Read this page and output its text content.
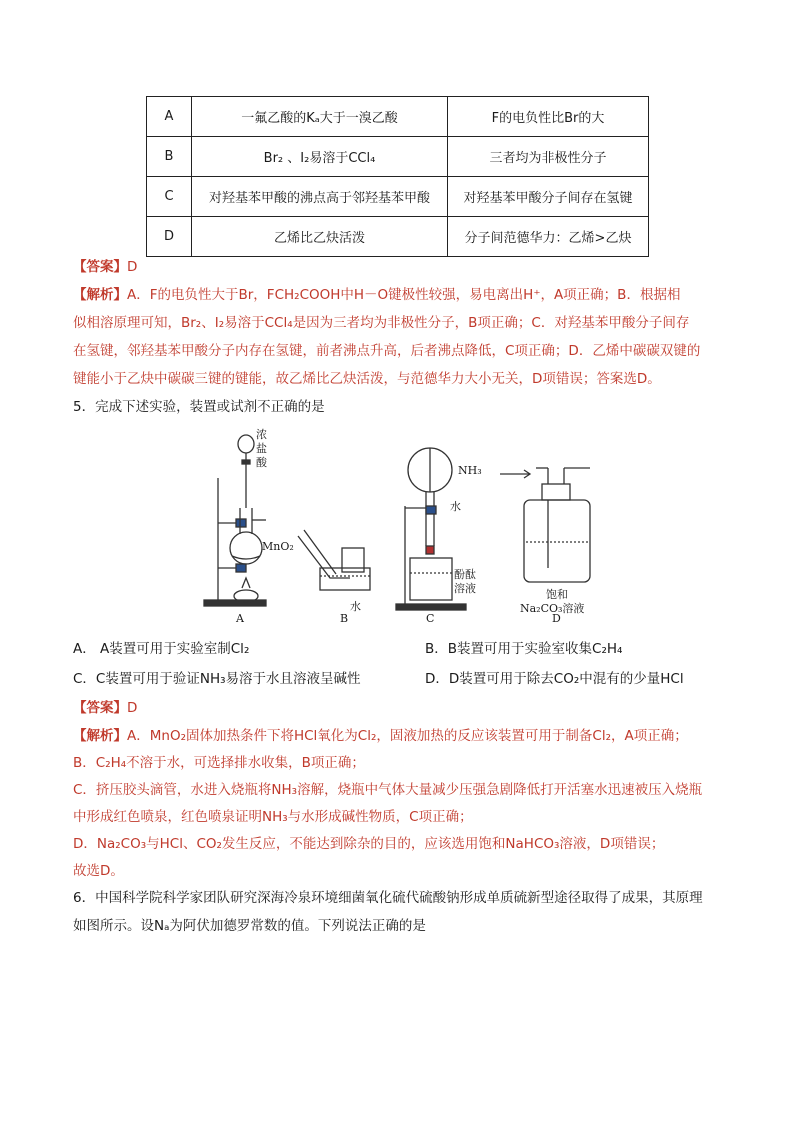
A	一氟乙酸的Kₐ大于一溴乙酸	F的电负性比Br的大
B	Br₂ 、I₂易溶于CCl₄	三者均为非极性分子
C	对羟基苯甲酸的沸点高于邻羟基苯甲酸	对羟基苯甲酸分子间存在氢键
D	乙烯比乙炔活泼	分子间范德华力：乙烯>乙炔
【答案】D
【解析】A．F的电负性大于Br，FCH₂COOH中H－O键极性较强，易电离出H⁺，A项正确；B．根据相
似相溶原理可知，Br₂、I₂易溶于CCl₄是因为三者均为非极性分子，B项正确；C．对羟基苯甲酸分子间存
在氢键，邻羟基苯甲酸分子内存在氢键，前者沸点升高，后者沸点降低，C项正确；D．乙烯中碳碳双键的
键能小于乙炔中碳碳三键的键能，故乙烯比乙炔活泼，与范德华力大小无关，D项错误；答案选D。
5．完成下述实验，装置或试剂不正确的是
浓盐酸
MnO₂
水
NH₃
水
酚酞溶液	饱和
Na₂CO₃溶液
A	B	C	D
A． A装置可用于实验室制Cl₂	B．B装置可用于实验室收集C₂H₄
C．C装置可用于验证NH₃易溶于水且溶液呈碱性	D．D装置可用于除去CO₂中混有的少量HCl
【答案】D
【解析】A．MnO₂固体加热条件下将HCl氧化为Cl₂，固液加热的反应该装置可用于制备Cl₂，A项正确；
B．C₂H₄不溶于水，可选择排水收集，B项正确；
C．挤压胶头滴管，水进入烧瓶将NH₃溶解，烧瓶中气体大量减少压强急剧降低打开活塞水迅速被压入烧瓶
中形成红色喷泉，红色喷泉证明NH₃与水形成碱性物质，C项正确；
D．Na₂CO₃与HCl、CO₂发生反应，不能达到除杂的目的，应该选用饱和NaHCO₃溶液，D项错误；
故选D。
6．中国科学院科学家团队研究深海冷泉环境细菌氧化硫代硫酸钠形成单质硫新型途径取得了成果，其原理
如图所示。设Nₐ为阿伏加德罗常数的值。下列说法正确的是
